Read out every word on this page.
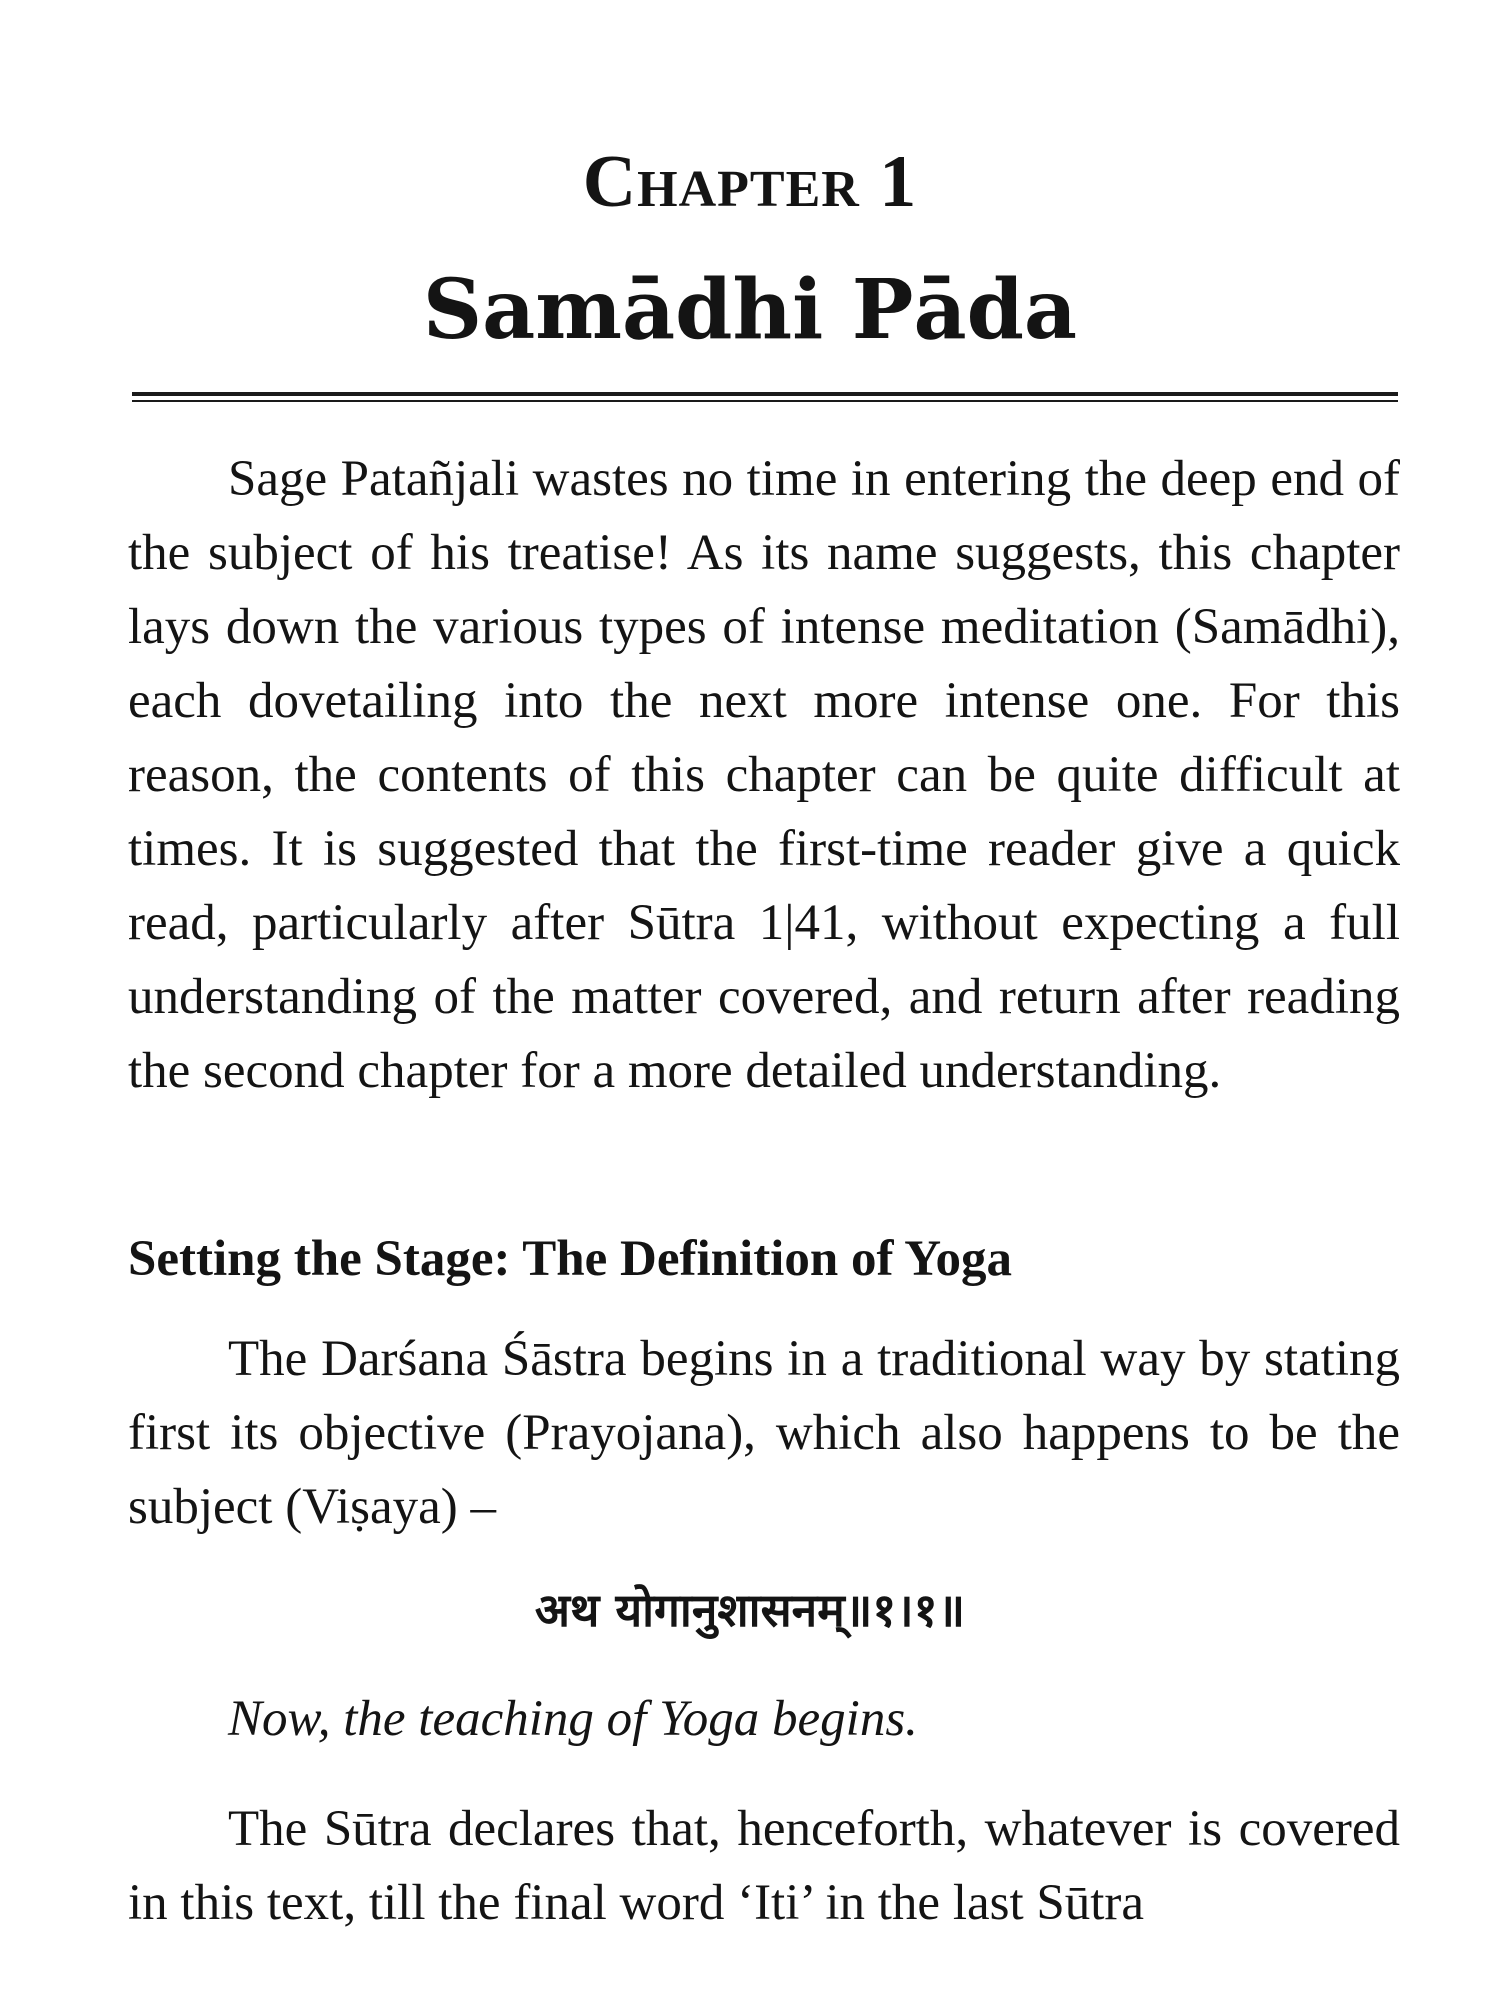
Chapter 1
Samādhi Pāda

Sage Patañjali wastes no time in entering the deep end of the subject of his treatise! As its name suggests, this chapter lays down the various types of intense meditation (Samādhi), each dovetailing into the next more intense one. For this reason, the contents of this chapter can be quite difficult at times. It is suggested that the first-time reader give a quick read, particularly after Sūtra 1|41, without expecting a full understanding of the matter covered, and return after reading the second chapter for a more detailed understanding.

Setting the Stage: The Definition of Yoga

The Darśana Śāstra begins in a traditional way by stating first its objective (Prayojana), which also happens to be the subject (Viṣaya) –

अथ योगानुशासनम्॥१।१॥
Now, the teaching of Yoga begins.

The Sūtra declares that, henceforth, whatever is covered in this text, till the final word ‘Iti’ in the last Sūtra
